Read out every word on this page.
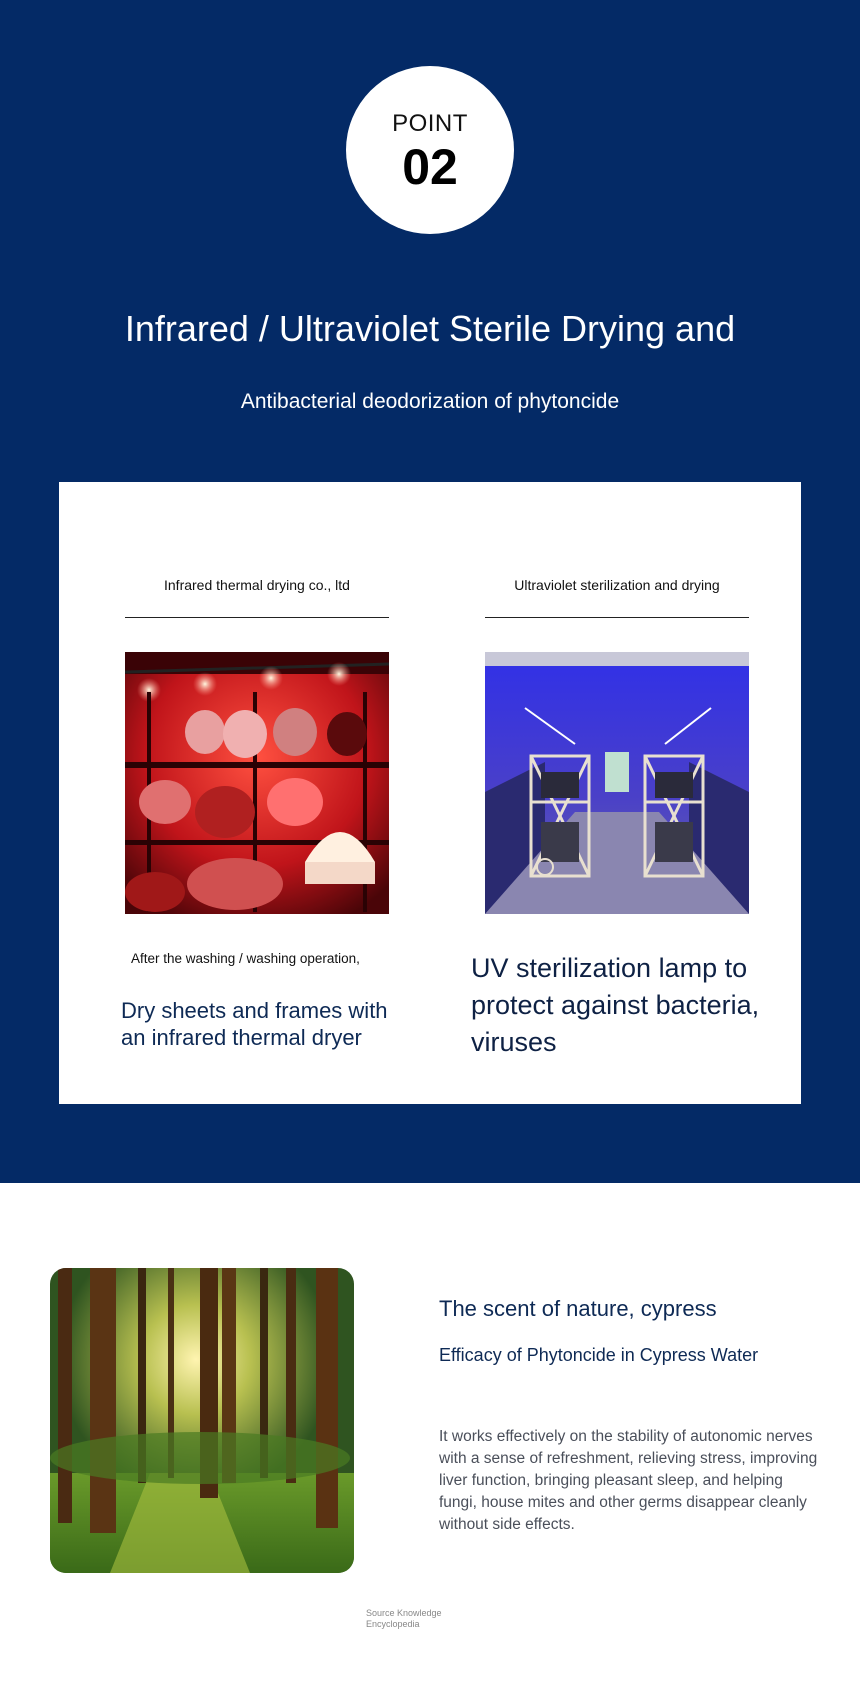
POINT
02
Infrared / Ultraviolet Sterile Drying and
Antibacterial deodorization of phytoncide
Infrared thermal drying co., ltd
After the washing / washing operation,
Dry sheets and frames with an infrared thermal dryer
Ultraviolet sterilization and drying
UV sterilization lamp to protect against bacteria, viruses
The scent of nature, cypress
Efficacy of Phytoncide in Cypress Water
It works effectively on the stability of autonomic nerves with a sense of refreshment, relieving stress, improving liver function, bringing pleasant sleep, and helping fungi, house mites and other germs disappear cleanly without side effects.
Source Knowledge Encyclopedia
